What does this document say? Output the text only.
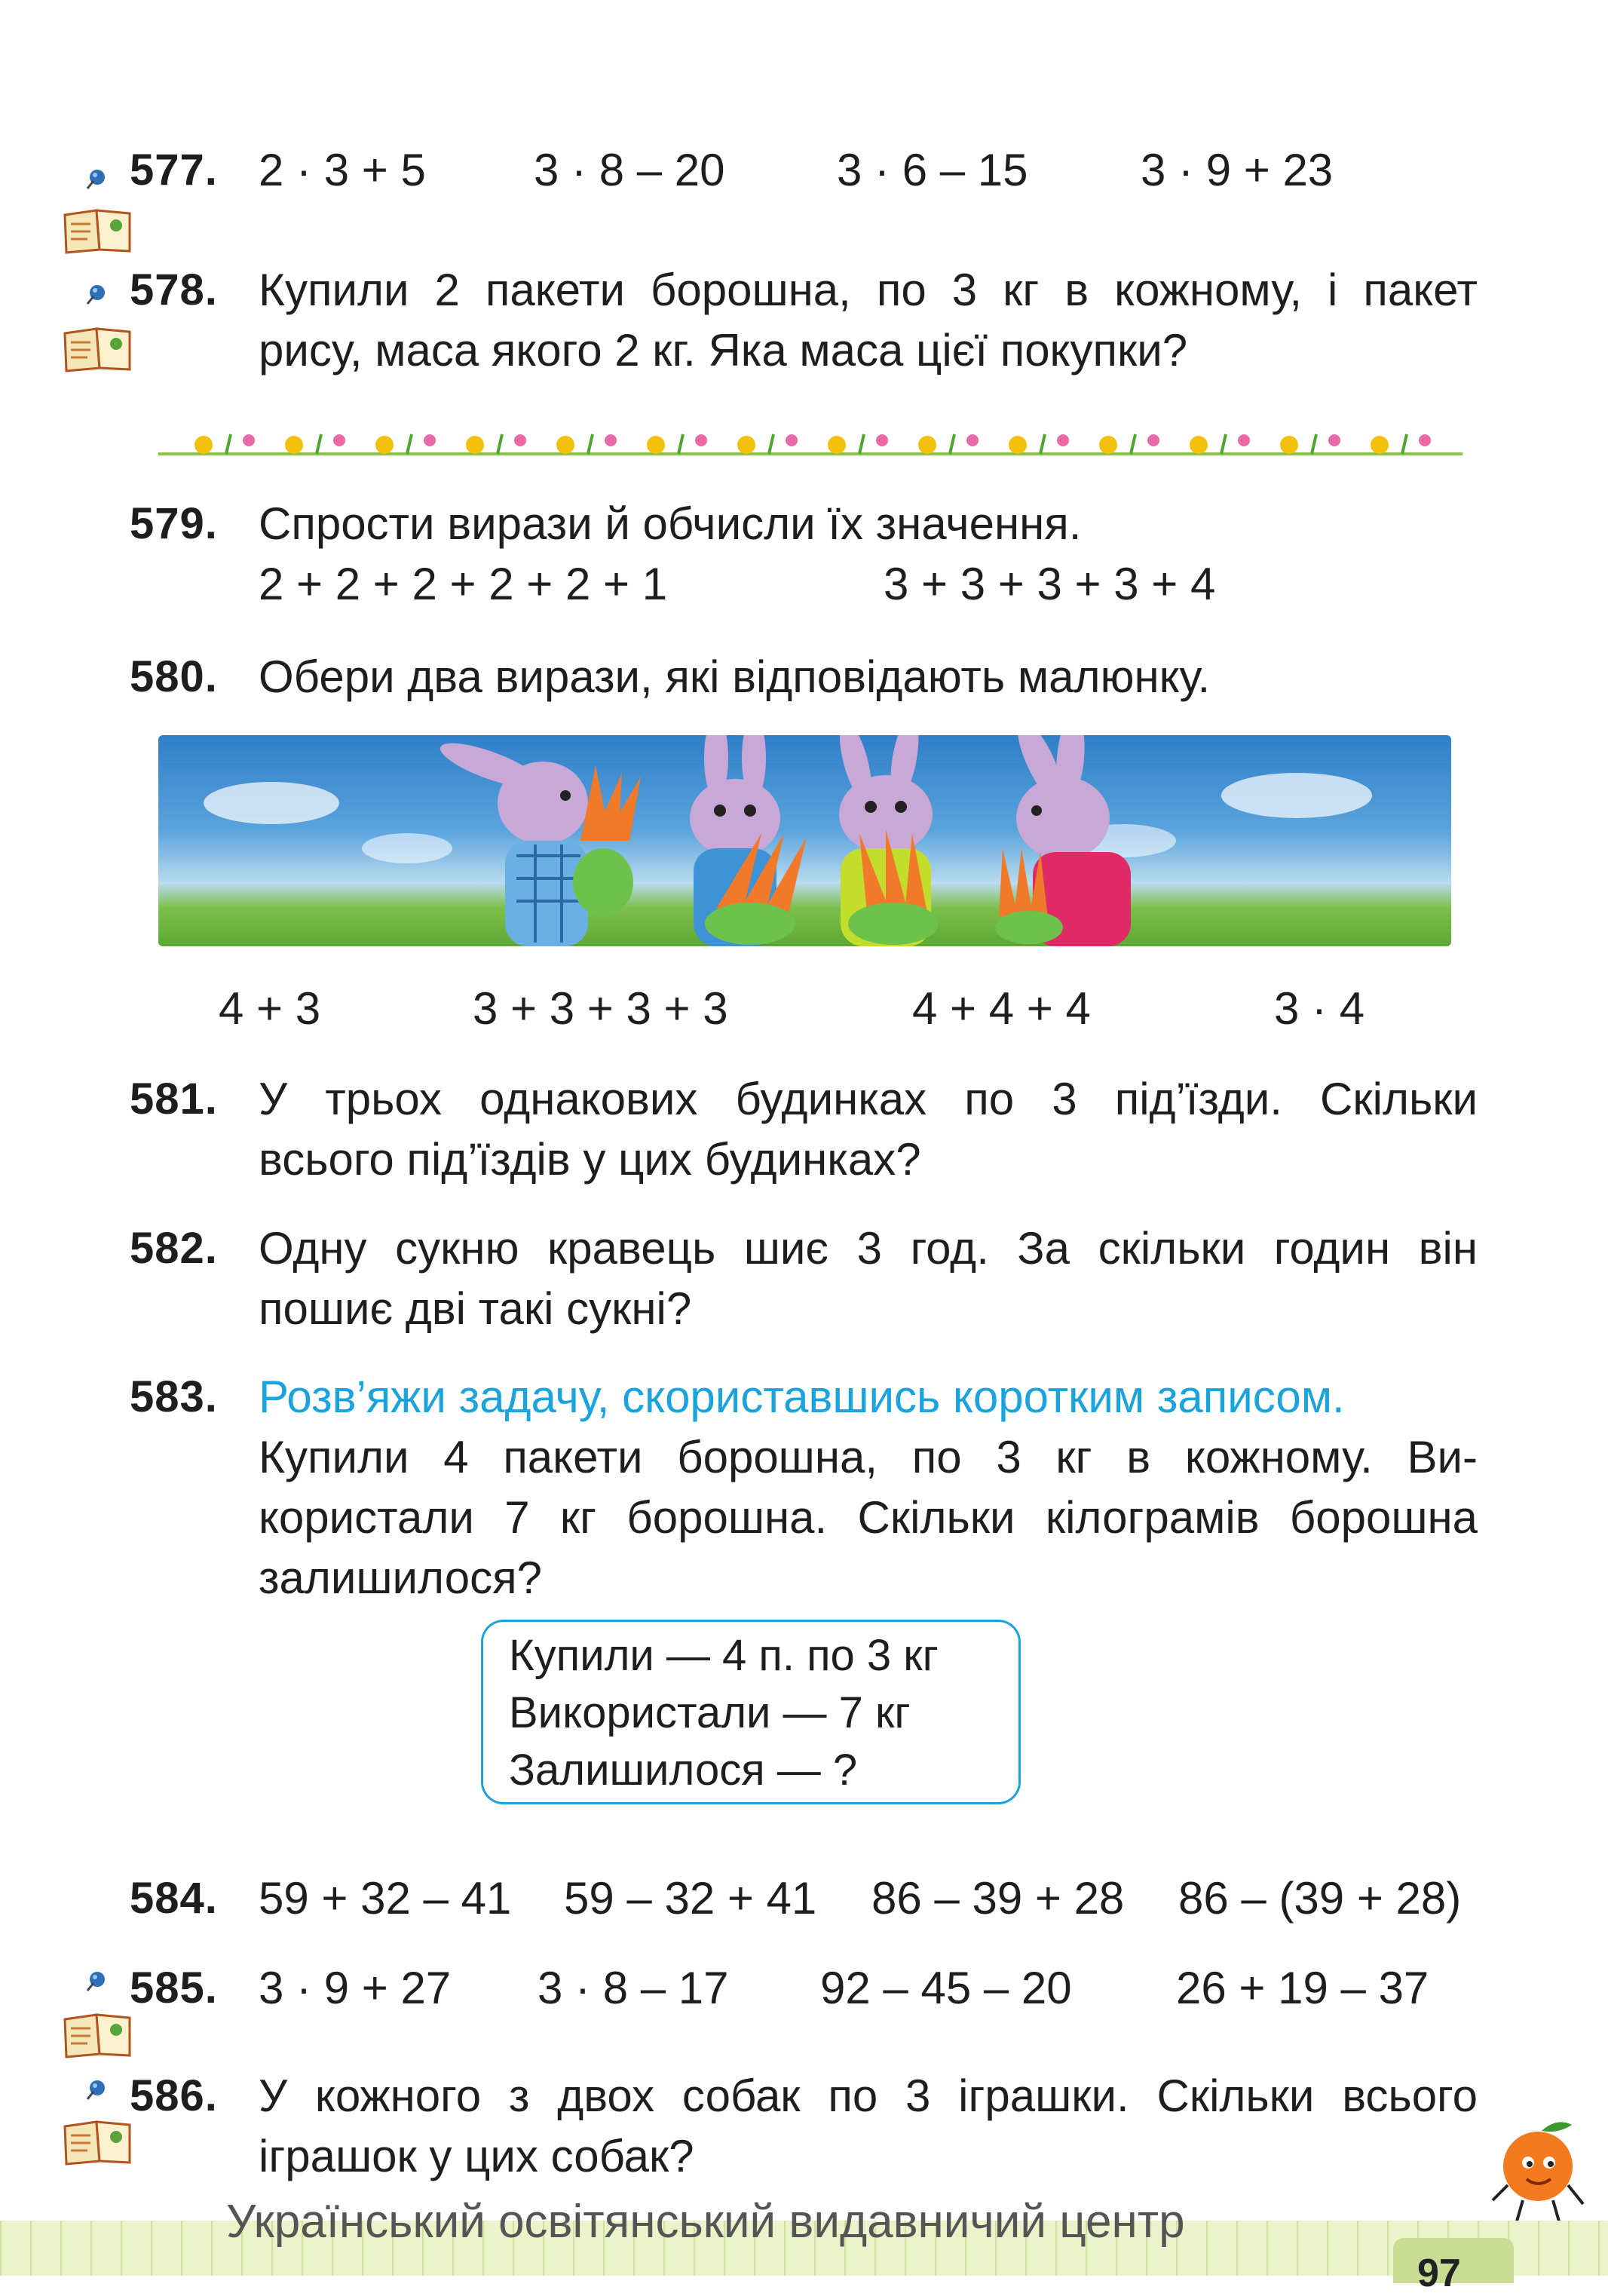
577. 2 · 3 + 5 3 · 8 – 20 3 · 6 – 15 3 · 9 + 23
578. Купили 2 пакети борошна, по 3 кг в кожному, і пакет
рису, маса якого 2 кг. Яка маса цієї покупки?
579. Спрости вирази й обчисли їх значення.
2 + 2 + 2 + 2 + 2 + 1	3 + 3 + 3 + 3 + 4
580. Обери два вирази, які відповідають малюнку.
4 + 3	3 + 3 + 3 + 3	4 + 4 + 4	3 · 4
581. У трьох однакових будинках по 3 під’їзди. Скільки
всього під’їздів у цих будинках?
582. Одну сукню кравець шиє 3 год. За скільки годин він
пошиє дві такі сукні?
583. Розв’яжи задачу, скориставшись коротким записом.
Купили 4 пакети борошна, по 3 кг в кожному. Ви-
користали 7 кг борошна. Скільки кілограмів борошна
залишилося?
Купили — 4 п. по 3 кг
Використали — 7 кг
Залишилося — ?
584. 59 + 32 – 41 59 – 32 + 41 86 – 39 + 28 86 – (39 + 28)
585. 3 · 9 + 27 3 · 8 – 17 92 – 45 – 20 26 + 19 – 37
586. У кожного з двох собак по 3 іграшки. Скільки всього
іграшок у цих собак?
Український освітянський видавничий центр
97
